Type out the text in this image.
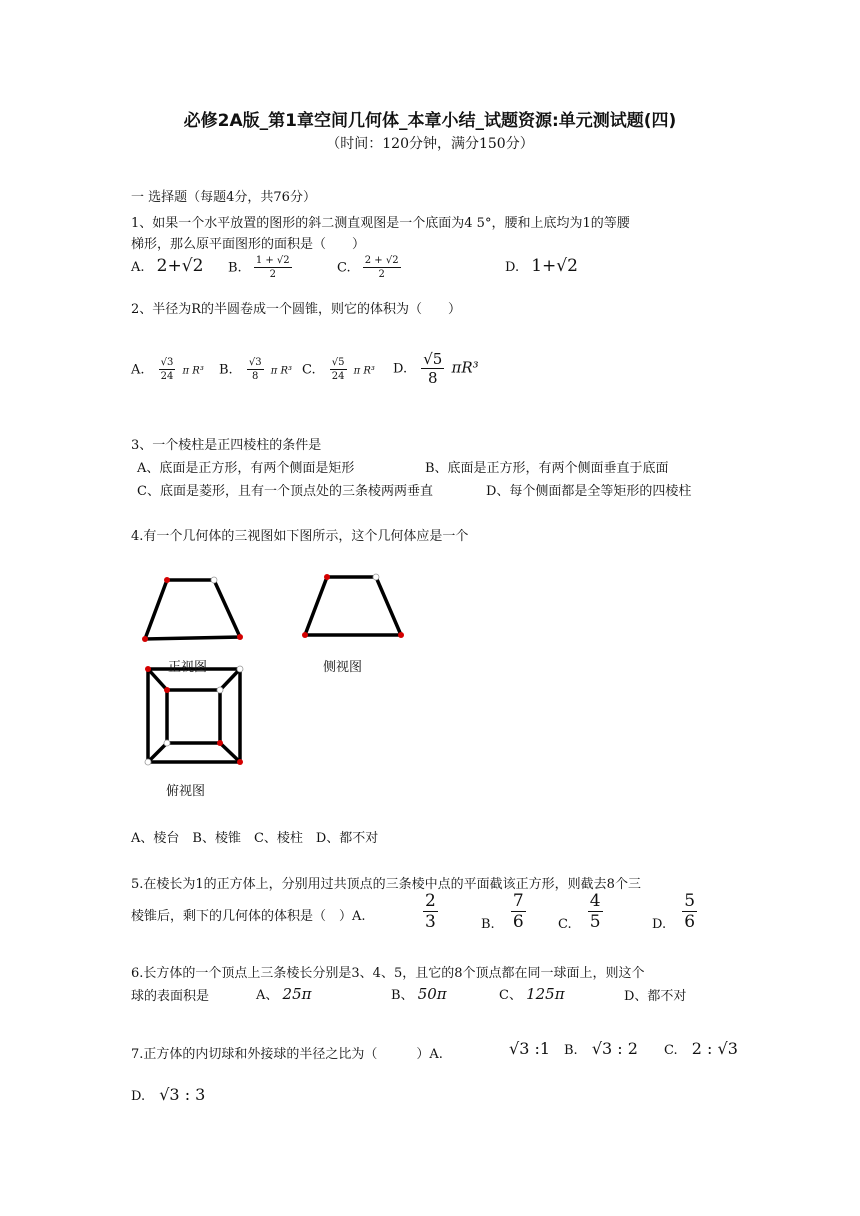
必修2A版_第1章空间几何体_本章小结_试题资源:单元测试题(四)
（时间：120分钟，满分150分）
一 选择题（每题4分，共76分）
1、如果一个水平放置的图形的斜二测直观图是一个底面为4 5°，腰和上底均为1的等腰
梯形，那么原平面图形的面积是（　　）
A. 2+√2 B. $\frac{1 + √2}{2}$	C. $\frac{2 + √2}{2}$	D. 1+√2
2、半径为R的半圆卷成一个圆锥，则它的体积为（　　）
A. $\frac{√3}{24}$ π R³ B. $\frac{√3}{8}$ π R³ C. $\frac{√5}{24}$ π R³ D. $\frac{√5}{8} \pi R^3$
3、一个棱柱是正四棱柱的条件是
A、底面是正方形，有两个侧面是矩形	B、底面是正方形，有两个侧面垂直于底面
C、底面是菱形，且有一个顶点处的三条棱两两垂直	D、每个侧面都是全等矩形的四棱柱
4.有一个几何体的三视图如下图所示，这个几何体应是一个
正视图	侧视图
俯视图
A、棱台　B、棱锥　C、棱柱　D、都不对
5.在棱长为1的正方体上，分别用过共顶点的三条棱中点的平面截该正方形，则截去8个三
棱锥后，剩下的几何体的体积是（　）A.	$\frac{2}{3}$	B. $\frac{7}{6} C$. $\frac{4}{5}$	D. $\frac{5}{6}$
6.长方体的一个顶点上三条棱长分别是3、4、5，且它的8个顶点都在同一球面上，则这个
球的表面积是	A、 25π	B、 50π	C、 125π	D、都不对
7.正方体的内切球和外接球的半径之比为（　　　）A.	√3 :1 B. √3 : 2 C. 2 : √3
D. √3 : 3
